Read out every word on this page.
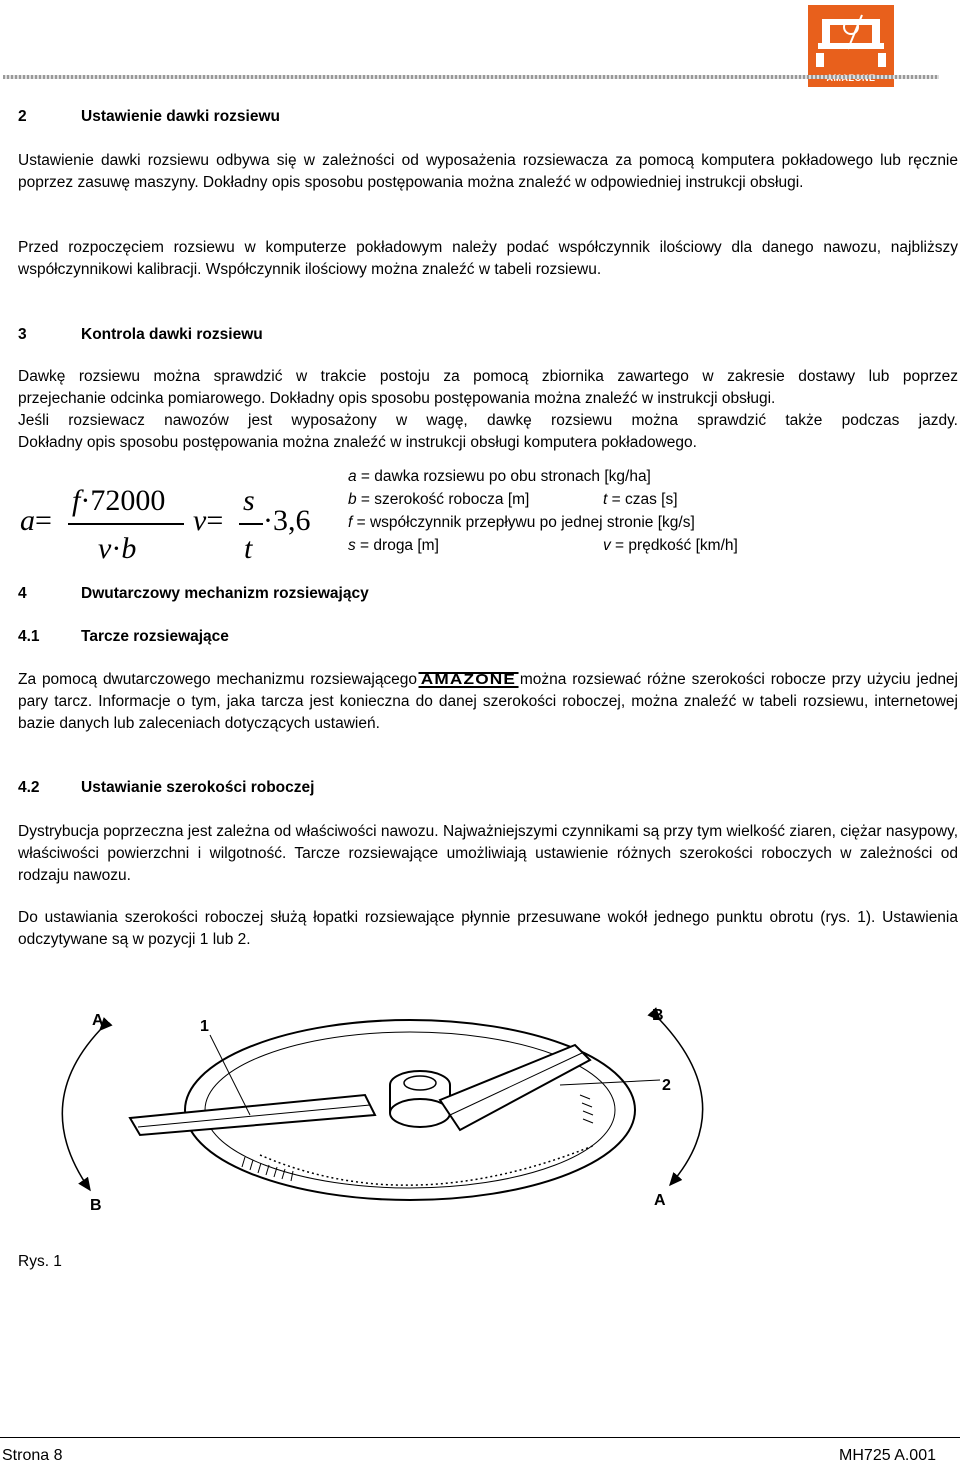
2	Ustawienie dawki rozsiewu

Ustawienie dawki rozsiewu odbywa się w zależności od wyposażenia rozsiewacza za pomocą komputera pokładowego lub ręcznie poprzez zasuwę maszyny. Dokładny opis sposobu postępowania można znaleźć w odpowiedniej instrukcji obsługi.

Przed rozpoczęciem rozsiewu w komputerze pokładowym należy podać współczynnik ilościowy dla danego nawozu, najbliższy współczynnikowi kalibracji. Współczynnik ilościowy można znaleźć w tabeli rozsiewu.

3	Kontrola dawki rozsiewu
Dawkę rozsiewu można sprawdzić w trakcie postoju za pomocą zbiornika zawartego w zakresie dostawy lub poprzez
przejechanie odcinka pomiarowego. Dokładny opis sposobu postępowania można znaleźć w instrukcji obsługi.
Jeśli rozsiewacz nawozów jest wyposażony w wagę, dawkę rozsiewu można sprawdzić także podczas jazdy.
Dokładny opis sposobu postępowania można znaleźć w instrukcji obsługi komputera pokładowego.
a=
f·72000
v·b
v=
s
t
·3,6
a = dawka rozsiewu po obu stronach [kg/ha]
b = szerokość robocza [m]	t = czas [s]
f = współczynnik przepływu po jednej stronie [kg/s]
s = droga [m]	v = prędkość [km/h]
4	Dwutarczowy mechanizm rozsiewający
4.1	Tarcze rozsiewające

Za pomocą dwutarczowego mechanizmu rozsiewającego AMAZONE można rozsiewać różne szerokości robocze przy użyciu jednej pary tarcz. Informacje o tym, jaka tarcza jest konieczna do danej szerokości roboczej, można znaleźć w tabeli rozsiewu, internetowej bazie danych lub zaleceniach dotyczących ustawień.

4.2	Ustawianie szerokości roboczej

Dystrybucja poprzeczna jest zależna od właściwości nawozu. Najważniejszymi czynnikami są przy tym wielkość ziaren, ciężar nasypowy, właściwości powierzchni i wilgotność. Tarcze rozsiewające umożliwiają ustawienie różnych szerokości roboczych w zależności od rodzaju nawozu.

Do ustawiania szerokości roboczej służą łopatki rozsiewające płynnie przesuwane wokół jednego punktu obrotu (rys. 1). Ustawienia odczytywane są w pozycji 1 lub 2.

A	1
B
2
B	A
Rys. 1
Strona 8	MH725 A.001
